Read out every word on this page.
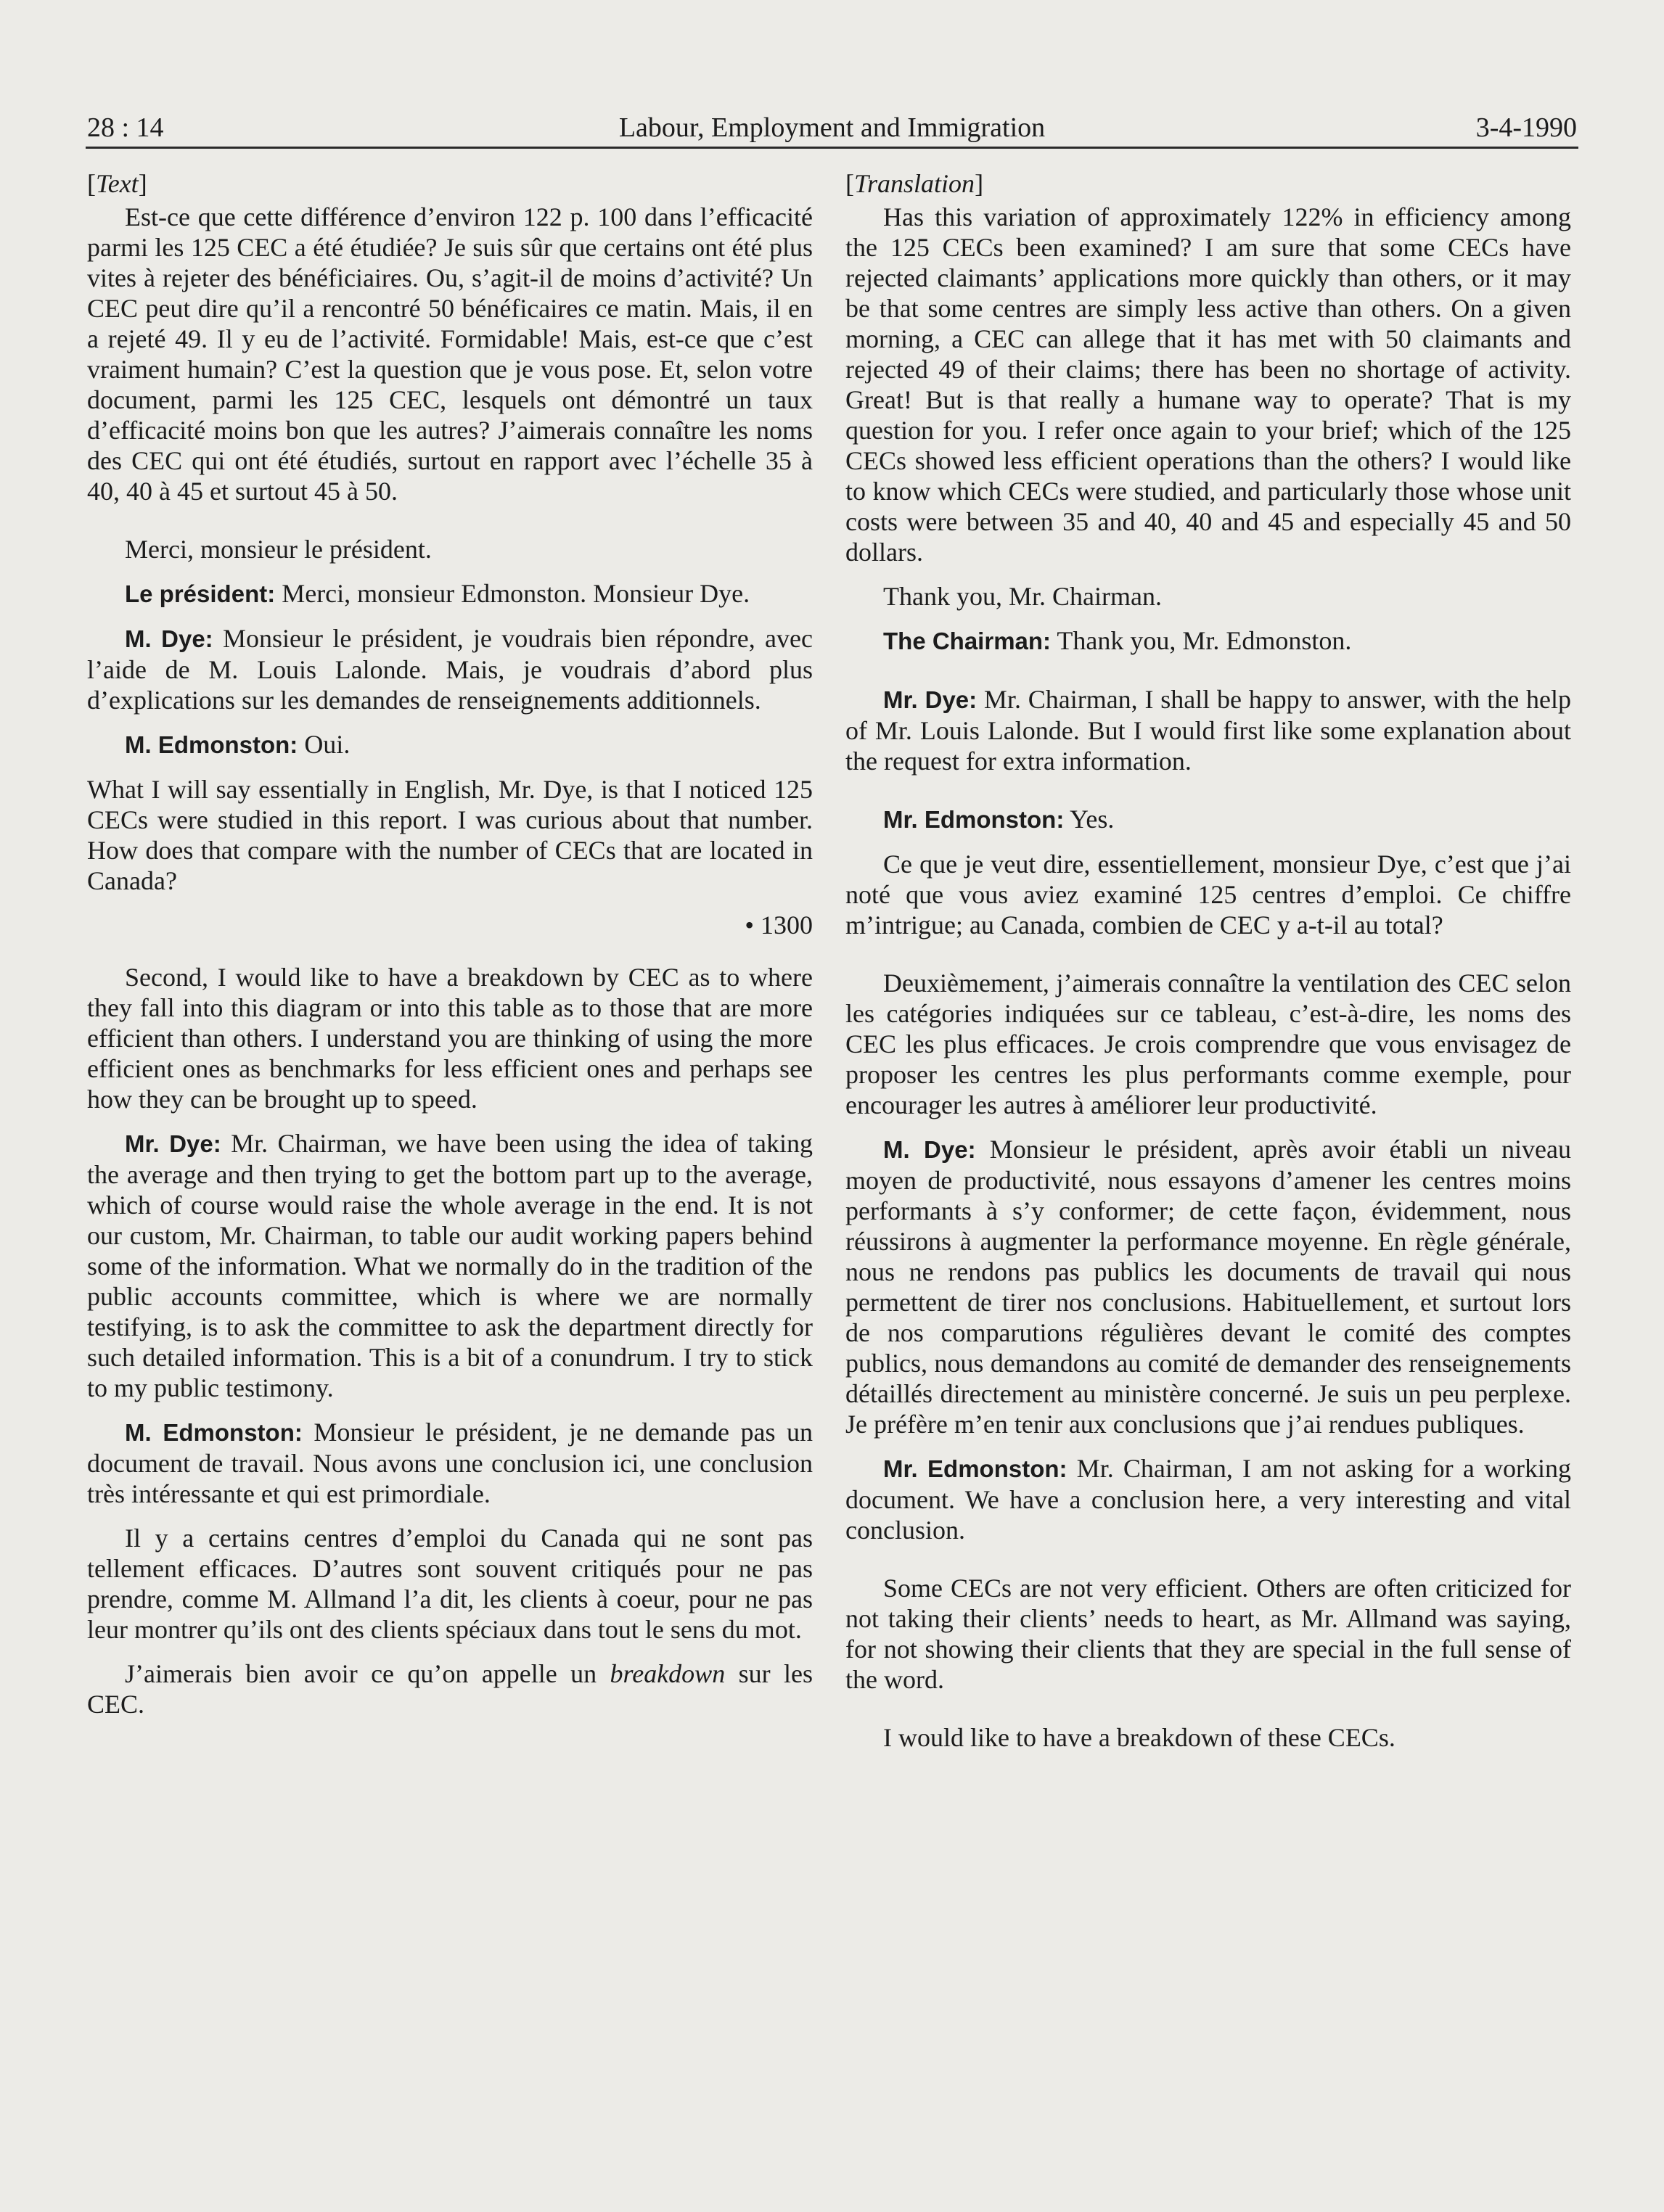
28 : 14	Labour, Employment and Immigration	3-4-1990

[Text]

Est-ce que cette différence d’environ 122 p. 100 dans l’efficacité parmi les 125 CEC a été étudiée? Je suis sûr que certains ont été plus vites à rejeter des bénéficiaires. Ou, s’agit-il de moins d’activité? Un CEC peut dire qu’il a rencontré 50 bénéficaires ce matin. Mais, il en a rejeté 49. Il y eu de l’activité. Formidable! Mais, est-ce que c’est vraiment humain? C’est la question que je vous pose. Et, selon votre document, parmi les 125 CEC, lesquels ont démontré un taux d’efficacité moins bon que les autres? J’aimerais connaître les noms des CEC qui ont été étudiés, surtout en rapport avec l’échelle 35 à 40, 40 à 45 et surtout 45 à 50.

Merci, monsieur le président.

Le président: Merci, monsieur Edmonston. Monsieur Dye.

M. Dye: Monsieur le président, je voudrais bien répondre, avec l’aide de M. Louis Lalonde. Mais, je voudrais d’abord plus d’explications sur les demandes de renseignements additionnels.

M. Edmonston: Oui.

What I will say essentially in English, Mr. Dye, is that I noticed 125 CECs were studied in this report. I was curious about that number. How does that compare with the number of CECs that are located in Canada?

• 1300

Second, I would like to have a breakdown by CEC as to where they fall into this diagram or into this table as to those that are more efficient than others. I understand you are thinking of using the more efficient ones as benchmarks for less efficient ones and perhaps see how they can be brought up to speed.

Mr. Dye: Mr. Chairman, we have been using the idea of taking the average and then trying to get the bottom part up to the average, which of course would raise the whole average in the end. It is not our custom, Mr. Chairman, to table our audit working papers behind some of the information. What we normally do in the tradition of the public accounts committee, which is where we are normally testifying, is to ask the committee to ask the department directly for such detailed information. This is a bit of a conundrum. I try to stick to my public testimony.

M. Edmonston: Monsieur le président, je ne demande pas un document de travail. Nous avons une conclusion ici, une conclusion très intéressante et qui est primordiale.

Il y a certains centres d’emploi du Canada qui ne sont pas tellement efficaces. D’autres sont souvent critiqués pour ne pas prendre, comme M. Allmand l’a dit, les clients à coeur, pour ne pas leur montrer qu’ils ont des clients spéciaux dans tout le sens du mot.

J’aimerais bien avoir ce qu’on appelle un breakdown sur les CEC.

[Translation]

Has this variation of approximately 122% in efficiency among the 125 CECs been examined? I am sure that some CECs have rejected claimants’ applications more quickly than others, or it may be that some centres are simply less active than others. On a given morning, a CEC can allege that it has met with 50 claimants and rejected 49 of their claims; there has been no shortage of activity. Great! But is that really a humane way to operate? That is my question for you. I refer once again to your brief; which of the 125 CECs showed less efficient operations than the others? I would like to know which CECs were studied, and particularly those whose unit costs were between 35 and 40, 40 and 45 and especially 45 and 50 dollars.

Thank you, Mr. Chairman.

The Chairman: Thank you, Mr. Edmonston.

Mr. Dye: Mr. Chairman, I shall be happy to answer, with the help of Mr. Louis Lalonde. But I would first like some explanation about the request for extra information.

Mr. Edmonston: Yes.

Ce que je veut dire, essentiellement, monsieur Dye, c’est que j’ai noté que vous aviez examiné 125 centres d’emploi. Ce chiffre m’intrigue; au Canada, combien de CEC y a-t-il au total?

Deuxièmement, j’aimerais connaître la ventilation des CEC selon les catégories indiquées sur ce tableau, c’est-à-dire, les noms des CEC les plus efficaces. Je crois comprendre que vous envisagez de proposer les centres les plus performants comme exemple, pour encourager les autres à améliorer leur productivité.

M. Dye: Monsieur le président, après avoir établi un niveau moyen de productivité, nous essayons d’amener les centres moins performants à s’y conformer; de cette façon, évidemment, nous réussirons à augmenter la performance moyenne. En règle générale, nous ne rendons pas publics les documents de travail qui nous permettent de tirer nos conclusions. Habituellement, et surtout lors de nos comparutions régulières devant le comité des comptes publics, nous demandons au comité de demander des renseignements détaillés directement au ministère concerné. Je suis un peu perplexe. Je préfère m’en tenir aux conclusions que j’ai rendues publiques.

Mr. Edmonston: Mr. Chairman, I am not asking for a working document. We have a conclusion here, a very interesting and vital conclusion.

Some CECs are not very efficient. Others are often criticized for not taking their clients’ needs to heart, as Mr. Allmand was saying, for not showing their clients that they are special in the full sense of the word.

I would like to have a breakdown of these CECs.
